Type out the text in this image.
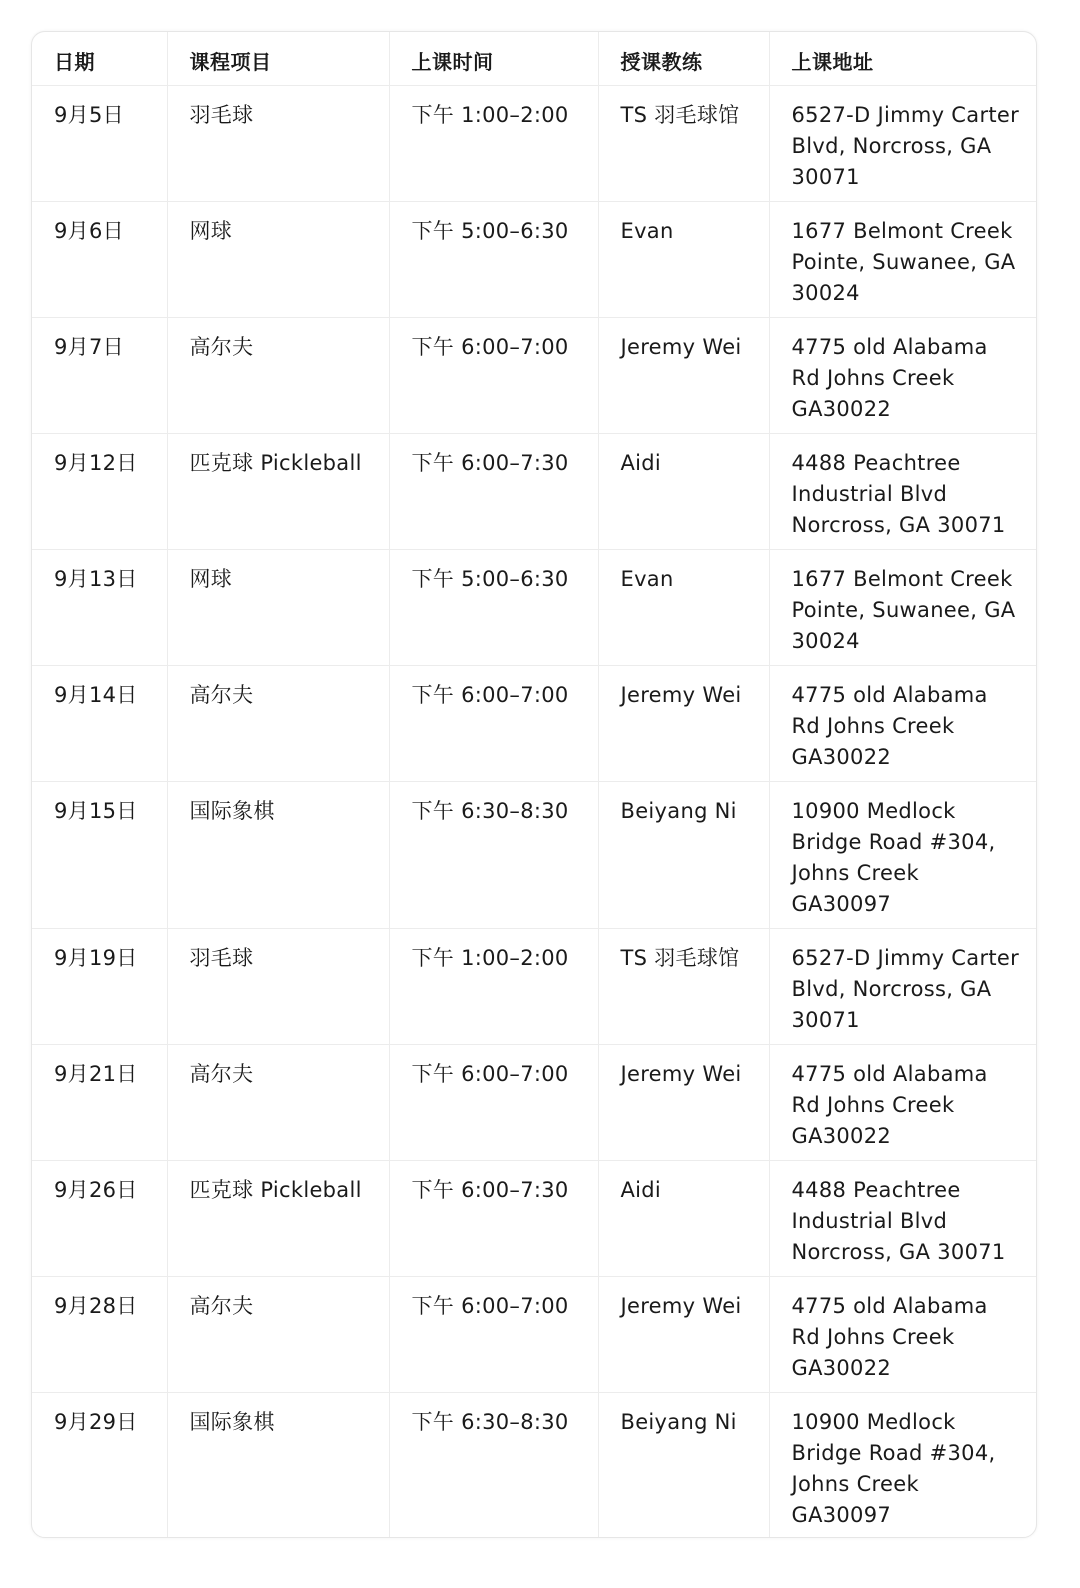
日期	课程项目	上课时间	授课教练	上课地址
9月5日	羽毛球	下午 1:00–2:00	TS 羽毛球馆	6527-D Jimmy Carter Blvd, Norcross, GA 30071
9月6日	网球	下午 5:00–6:30	Evan	1677 Belmont Creek Pointe, Suwanee, GA 30024
9月7日	高尔夫	下午 6:00–7:00	Jeremy Wei	4775 old Alabama Rd Johns Creek GA30022
9月12日	匹克球 Pickleball	下午 6:00–7:30	Aidi	4488 Peachtree Industrial Blvd Norcross, GA 30071
9月13日	网球	下午 5:00–6:30	Evan	1677 Belmont Creek Pointe, Suwanee, GA 30024
9月14日	高尔夫	下午 6:00–7:00	Jeremy Wei	4775 old Alabama Rd Johns Creek GA30022
9月15日	国际象棋	下午 6:30–8:30	Beiyang Ni	10900 Medlock Bridge Road #304, Johns Creek GA30097
9月19日	羽毛球	下午 1:00–2:00	TS 羽毛球馆	6527-D Jimmy Carter Blvd, Norcross, GA 30071
9月21日	高尔夫	下午 6:00–7:00	Jeremy Wei	4775 old Alabama Rd Johns Creek GA30022
9月26日	匹克球 Pickleball	下午 6:00–7:30	Aidi	4488 Peachtree Industrial Blvd Norcross, GA 30071
9月28日	高尔夫	下午 6:00–7:00	Jeremy Wei	4775 old Alabama Rd Johns Creek GA30022
9月29日	国际象棋	下午 6:30–8:30	Beiyang Ni	10900 Medlock Bridge Road #304, Johns Creek GA30097
